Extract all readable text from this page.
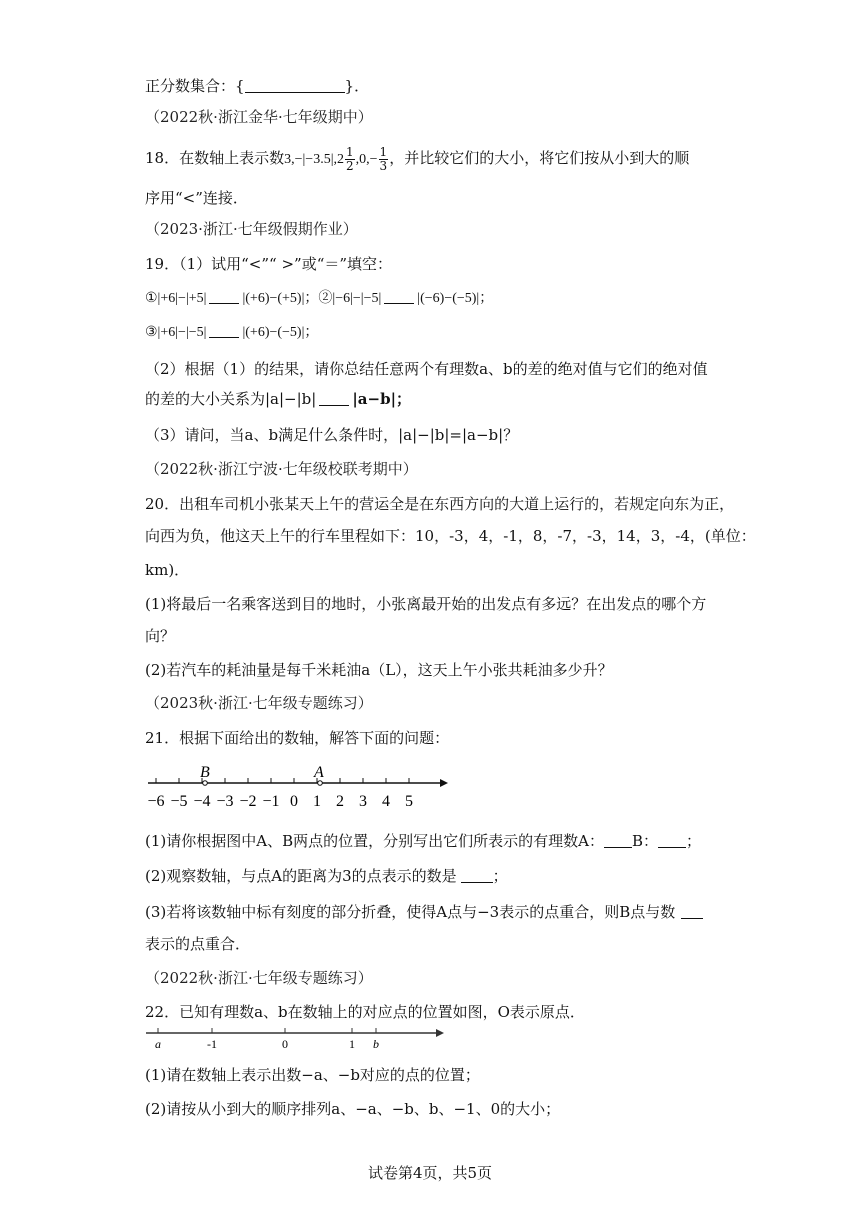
正分数集合：{	}．
（2022秋·浙江金华·七年级期中）
18．在数轴上表示数$3,-|-3.5|,2 \frac{1}{2} ,0,- \frac{1}{3}$ ，并比较它们的大小，将它们按从小到大的顺
序用“<”连接．
（2023·浙江·七年级假期作业）
19．（1）试用“<”“ >”或“＝”填空：
①|+6|−|+5|	|(+6)−(+5)|；②|−6|−|−5|	|(−6)−(−5)|；
③|+6|−|−5|	|(+6)−(−5)|；
（2）根据（1）的结果，请你总结任意两个有理数a、b的差的绝对值与它们的绝对值
的差的大小关系为|a|−|b| |a−b|；
（3）请问，当a、b满足什么条件时，|a|−|b|=|a−b|？
（2022秋·浙江宁波·七年级校联考期中）
20．出租车司机小张某天上午的营运全是在东西方向的大道上运行的，若规定向东为正，
向西为负，他这天上午的行车里程如下：10，-3，4，-1，8，-7，-3，14，3，-4，(单位：
km)．
(1)将最后一名乘客送到目的地时，小张离最开始的出发点有多远？在出发点的哪个方
向？
(2)若汽车的耗油量是每千米耗油a（L），这天上午小张共耗油多少升？
（2023秋·浙江·七年级专题练习）
21．根据下面给出的数轴，解答下面的问题：
−6 −5 −4 −3 −2 −1 0 1 2 3 4 5
B	A
(1)请你根据图中A、B两点的位置，分别写出它们所表示的有理数A： B： ；
(2)观察数轴，与点A的距离为3的点表示的数是 ；
(3)若将该数轴中标有刻度的部分折叠，使得A点与−3表示的点重合，则B点与数
表示的点重合．
（2022秋·浙江·七年级专题练习）
22．已知有理数a、b在数轴上的对应点的位置如图，O表示原点．
a	-1	0	1 b
(1)请在数轴上表示出数−a、−b对应的点的位置；
(2)请按从小到大的顺序排列a、−a、−b、b、−1、0的大小；
试卷第4页，共5页
